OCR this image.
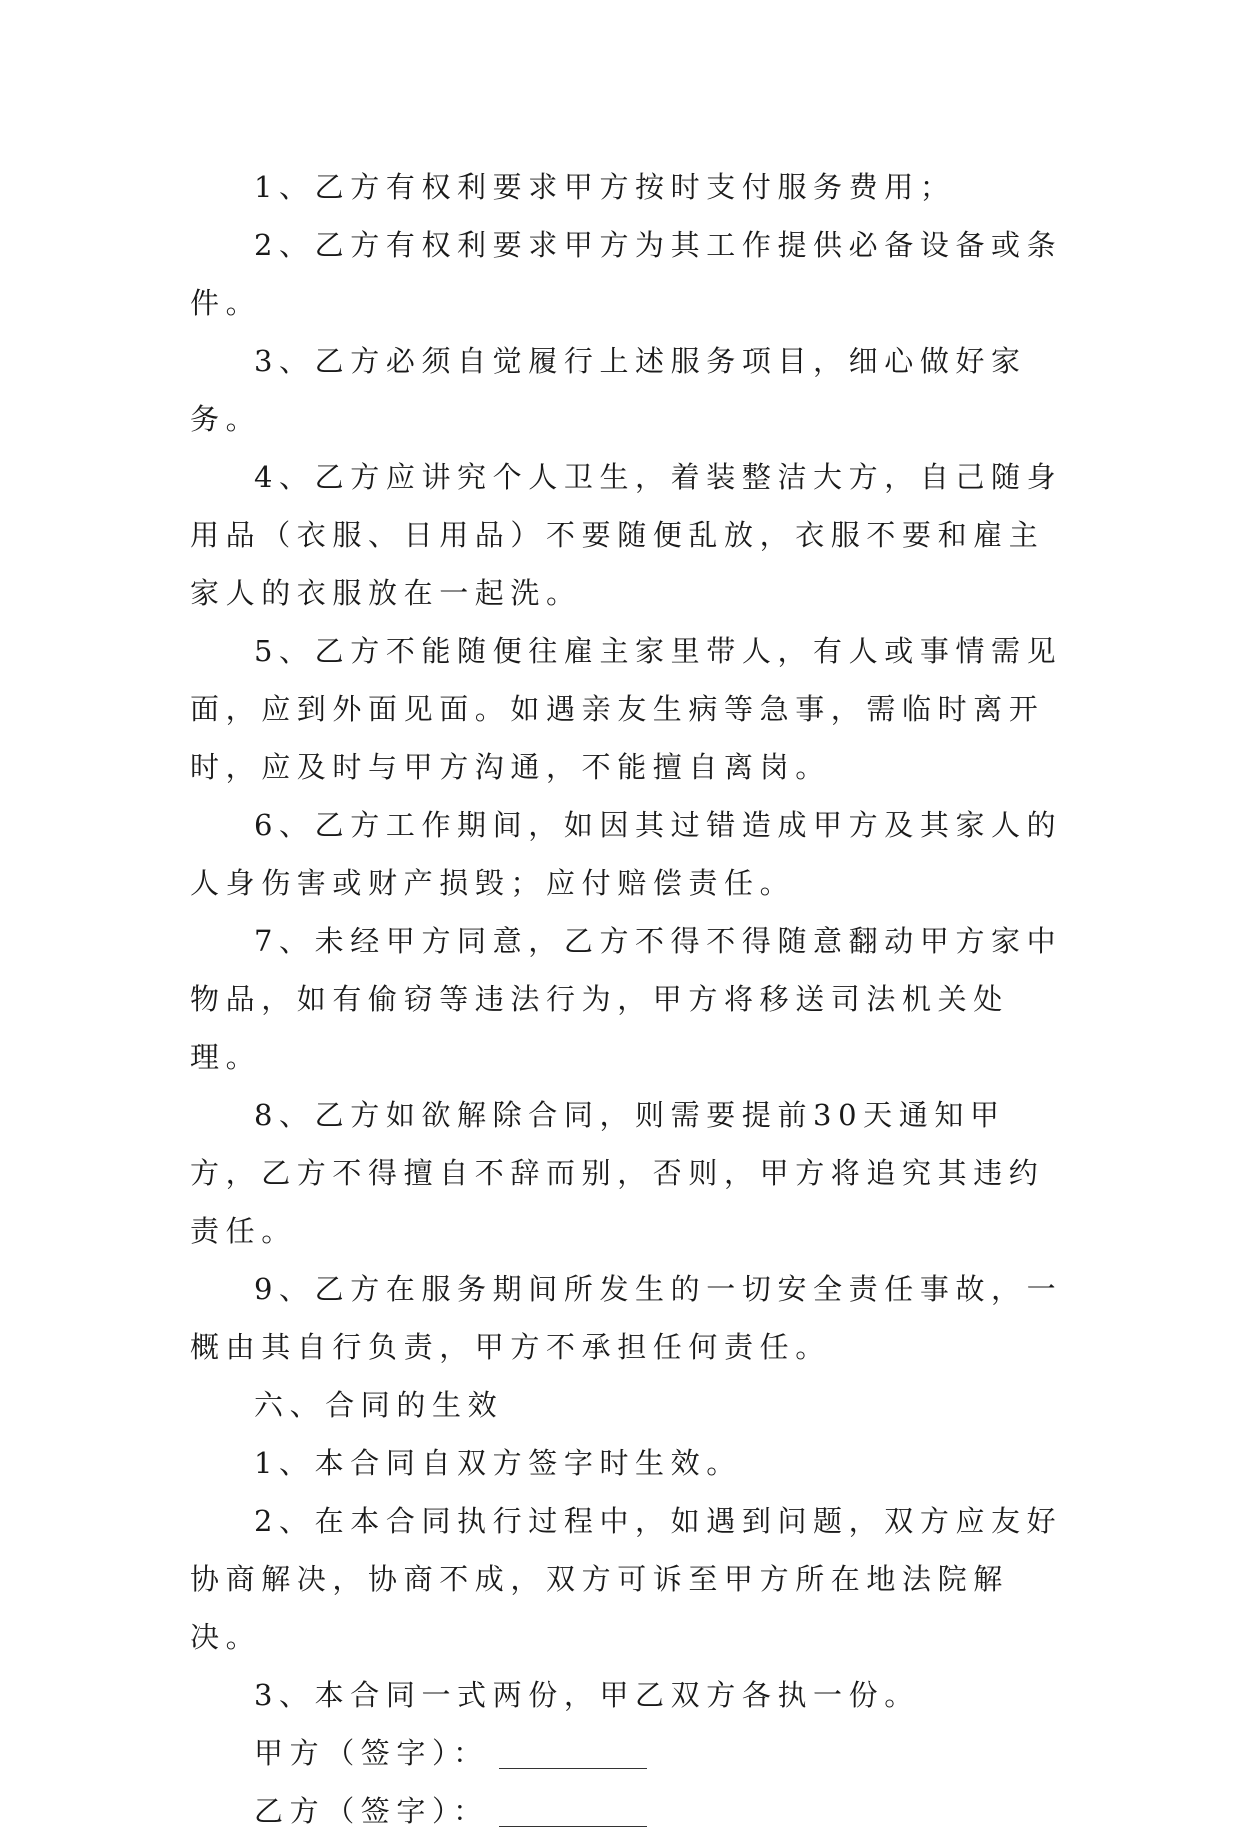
1、乙方有权利要求甲方按时支付服务费用；

2、乙方有权利要求甲方为其工作提供必备设备或条件。

3、乙方必须自觉履行上述服务项目，细心做好家务。

4、乙方应讲究个人卫生，着装整洁大方，自己随身用品（衣服、日用品）不要随便乱放，衣服不要和雇主家人的衣服放在一起洗。

5、乙方不能随便往雇主家里带人，有人或事情需见面，应到外面见面。如遇亲友生病等急事，需临时离开时，应及时与甲方沟通，不能擅自离岗。

6、乙方工作期间，如因其过错造成甲方及其家人的人身伤害或财产损毁；应付赔偿责任。

7、未经甲方同意，乙方不得不得随意翻动甲方家中物品，如有偷窃等违法行为，甲方将移送司法机关处理。

8、乙方如欲解除合同，则需要提前30天通知甲方，乙方不得擅自不辞而别，否则，甲方将追究其违约责任。

9、乙方在服务期间所发生的一切安全责任事故，一概由其自行负责，甲方不承担任何责任。

六、合同的生效

1、本合同自双方签字时生效。

2、在本合同执行过程中，如遇到问题，双方应友好协商解决，协商不成，双方可诉至甲方所在地法院解决。

3、本合同一式两份，甲乙双方各执一份。

甲方（签字）：
乙方（签字）：
